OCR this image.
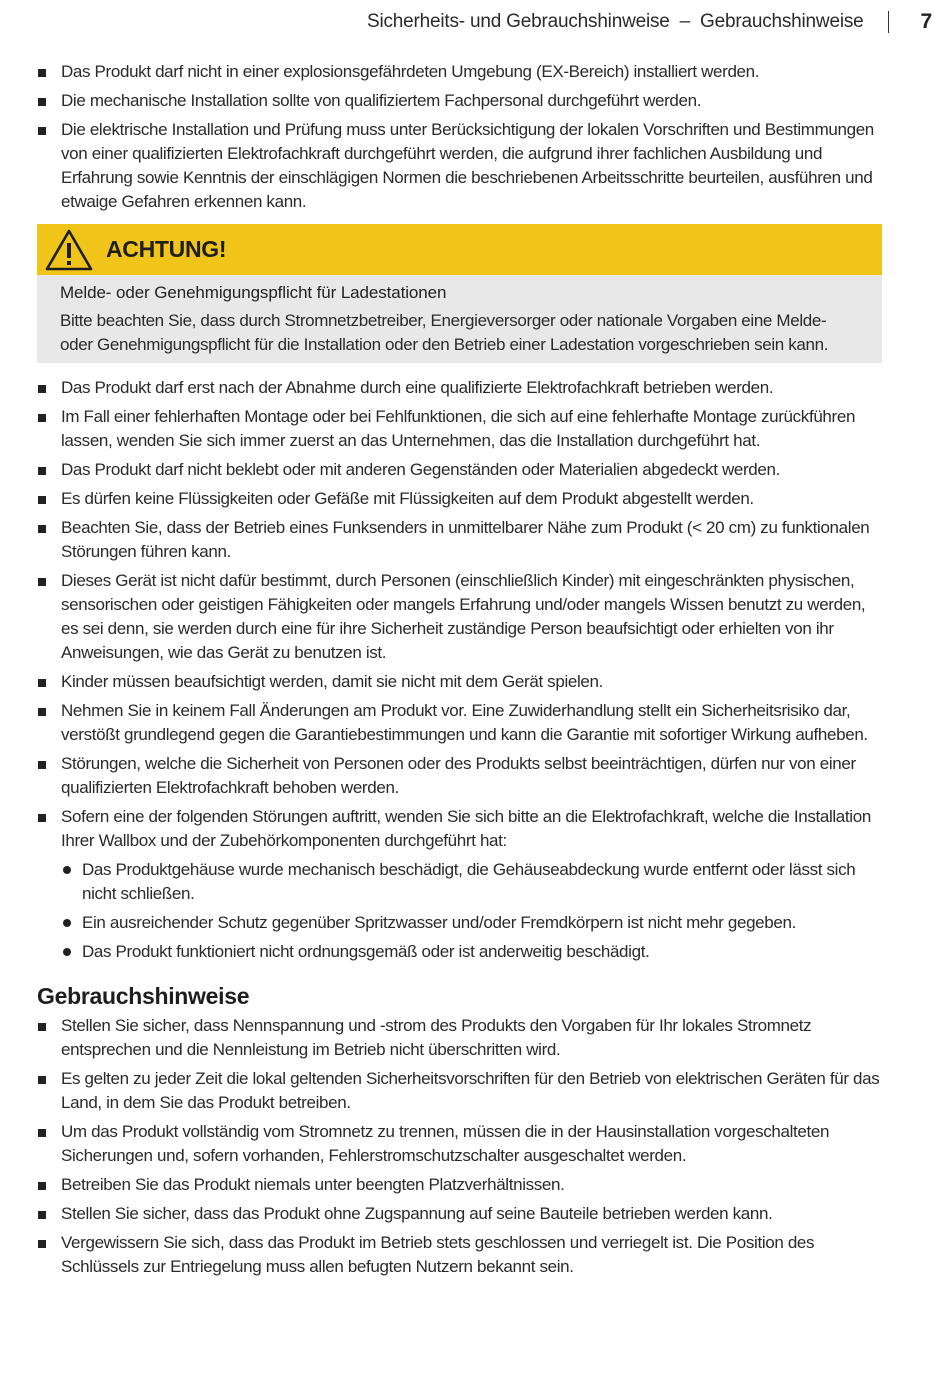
Sicherheits- und Gebrauchshinweise – Gebrauchshinweise	7
Das Produkt darf nicht in einer explosionsgefährdeten Umgebung (EX-Bereich) installiert werden.
Die mechanische Installation sollte von qualifiziertem Fachpersonal durchgeführt werden.
Die elektrische Installation und Prüfung muss unter Berücksichtigung der lokalen Vorschriften und Bestimmungen von einer qualifizierten Elektrofachkraft durchgeführt werden, die aufgrund ihrer fachlichen Ausbildung und Erfahrung sowie Kenntnis der einschlägigen Normen die beschriebenen Arbeitsschritte beurteilen, ausführen und etwaige Gefahren erkennen kann.
ACHTUNG!
Melde- oder Genehmigungspflicht für Ladestationen
Bitte beachten Sie, dass durch Stromnetzbetreiber, Energieversorger oder nationale Vorgaben eine Melde- oder Genehmigungspflicht für die Installation oder den Betrieb einer Ladestation vorgeschrieben sein kann.
Das Produkt darf erst nach der Abnahme durch eine qualifizierte Elektrofachkraft betrieben werden.
Im Fall einer fehlerhaften Montage oder bei Fehlfunktionen, die sich auf eine fehlerhafte Montage zurückführen lassen, wenden Sie sich immer zuerst an das Unternehmen, das die Installation durchgeführt hat.
Das Produkt darf nicht beklebt oder mit anderen Gegenständen oder Materialien abgedeckt werden.
Es dürfen keine Flüssigkeiten oder Gefäße mit Flüssigkeiten auf dem Produkt abgestellt werden.
Beachten Sie, dass der Betrieb eines Funksenders in unmittelbarer Nähe zum Produkt (< 20 cm) zu funktionalen Störungen führen kann.
Dieses Gerät ist nicht dafür bestimmt, durch Personen (einschließlich Kinder) mit eingeschränkten physischen, sensorischen oder geistigen Fähigkeiten oder mangels Erfahrung und/oder mangels Wissen benutzt zu werden, es sei denn, sie werden durch eine für ihre Sicherheit zuständige Person beaufsichtigt oder erhielten von ihr Anweisungen, wie das Gerät zu benutzen ist.
Kinder müssen beaufsichtigt werden, damit sie nicht mit dem Gerät spielen.
Nehmen Sie in keinem Fall Änderungen am Produkt vor. Eine Zuwiderhandlung stellt ein Sicherheitsrisiko dar, verstößt grundlegend gegen die Garantiebestimmungen und kann die Garantie mit sofortiger Wirkung aufheben.
Störungen, welche die Sicherheit von Personen oder des Produkts selbst beeinträchtigen, dürfen nur von einer qualifizierten Elektrofachkraft behoben werden.
Sofern eine der folgenden Störungen auftritt, wenden Sie sich bitte an die Elektrofachkraft, welche die Installation Ihrer Wallbox und der Zubehörkomponenten durchgeführt hat:
Das Produktgehäuse wurde mechanisch beschädigt, die Gehäuseabdeckung wurde entfernt oder lässt sich nicht schließen.
Ein ausreichender Schutz gegenüber Spritzwasser und/oder Fremdkörpern ist nicht mehr gegeben.
Das Produkt funktioniert nicht ordnungsgemäß oder ist anderweitig beschädigt.
Gebrauchshinweise
Stellen Sie sicher, dass Nennspannung und -strom des Produkts den Vorgaben für Ihr lokales Stromnetz entsprechen und die Nennleistung im Betrieb nicht überschritten wird.
Es gelten zu jeder Zeit die lokal geltenden Sicherheitsvorschriften für den Betrieb von elektrischen Geräten für das Land, in dem Sie das Produkt betreiben.
Um das Produkt vollständig vom Stromnetz zu trennen, müssen die in der Hausinstallation vorgeschalteten Sicherungen und, sofern vorhanden, Fehlerstromschutzschalter ausgeschaltet werden.
Betreiben Sie das Produkt niemals unter beengten Platzverhältnissen.
Stellen Sie sicher, dass das Produkt ohne Zugspannung auf seine Bauteile betrieben werden kann.
Vergewissern Sie sich, dass das Produkt im Betrieb stets geschlossen und verriegelt ist. Die Position des Schlüssels zur Entriegelung muss allen befugten Nutzern bekannt sein.
